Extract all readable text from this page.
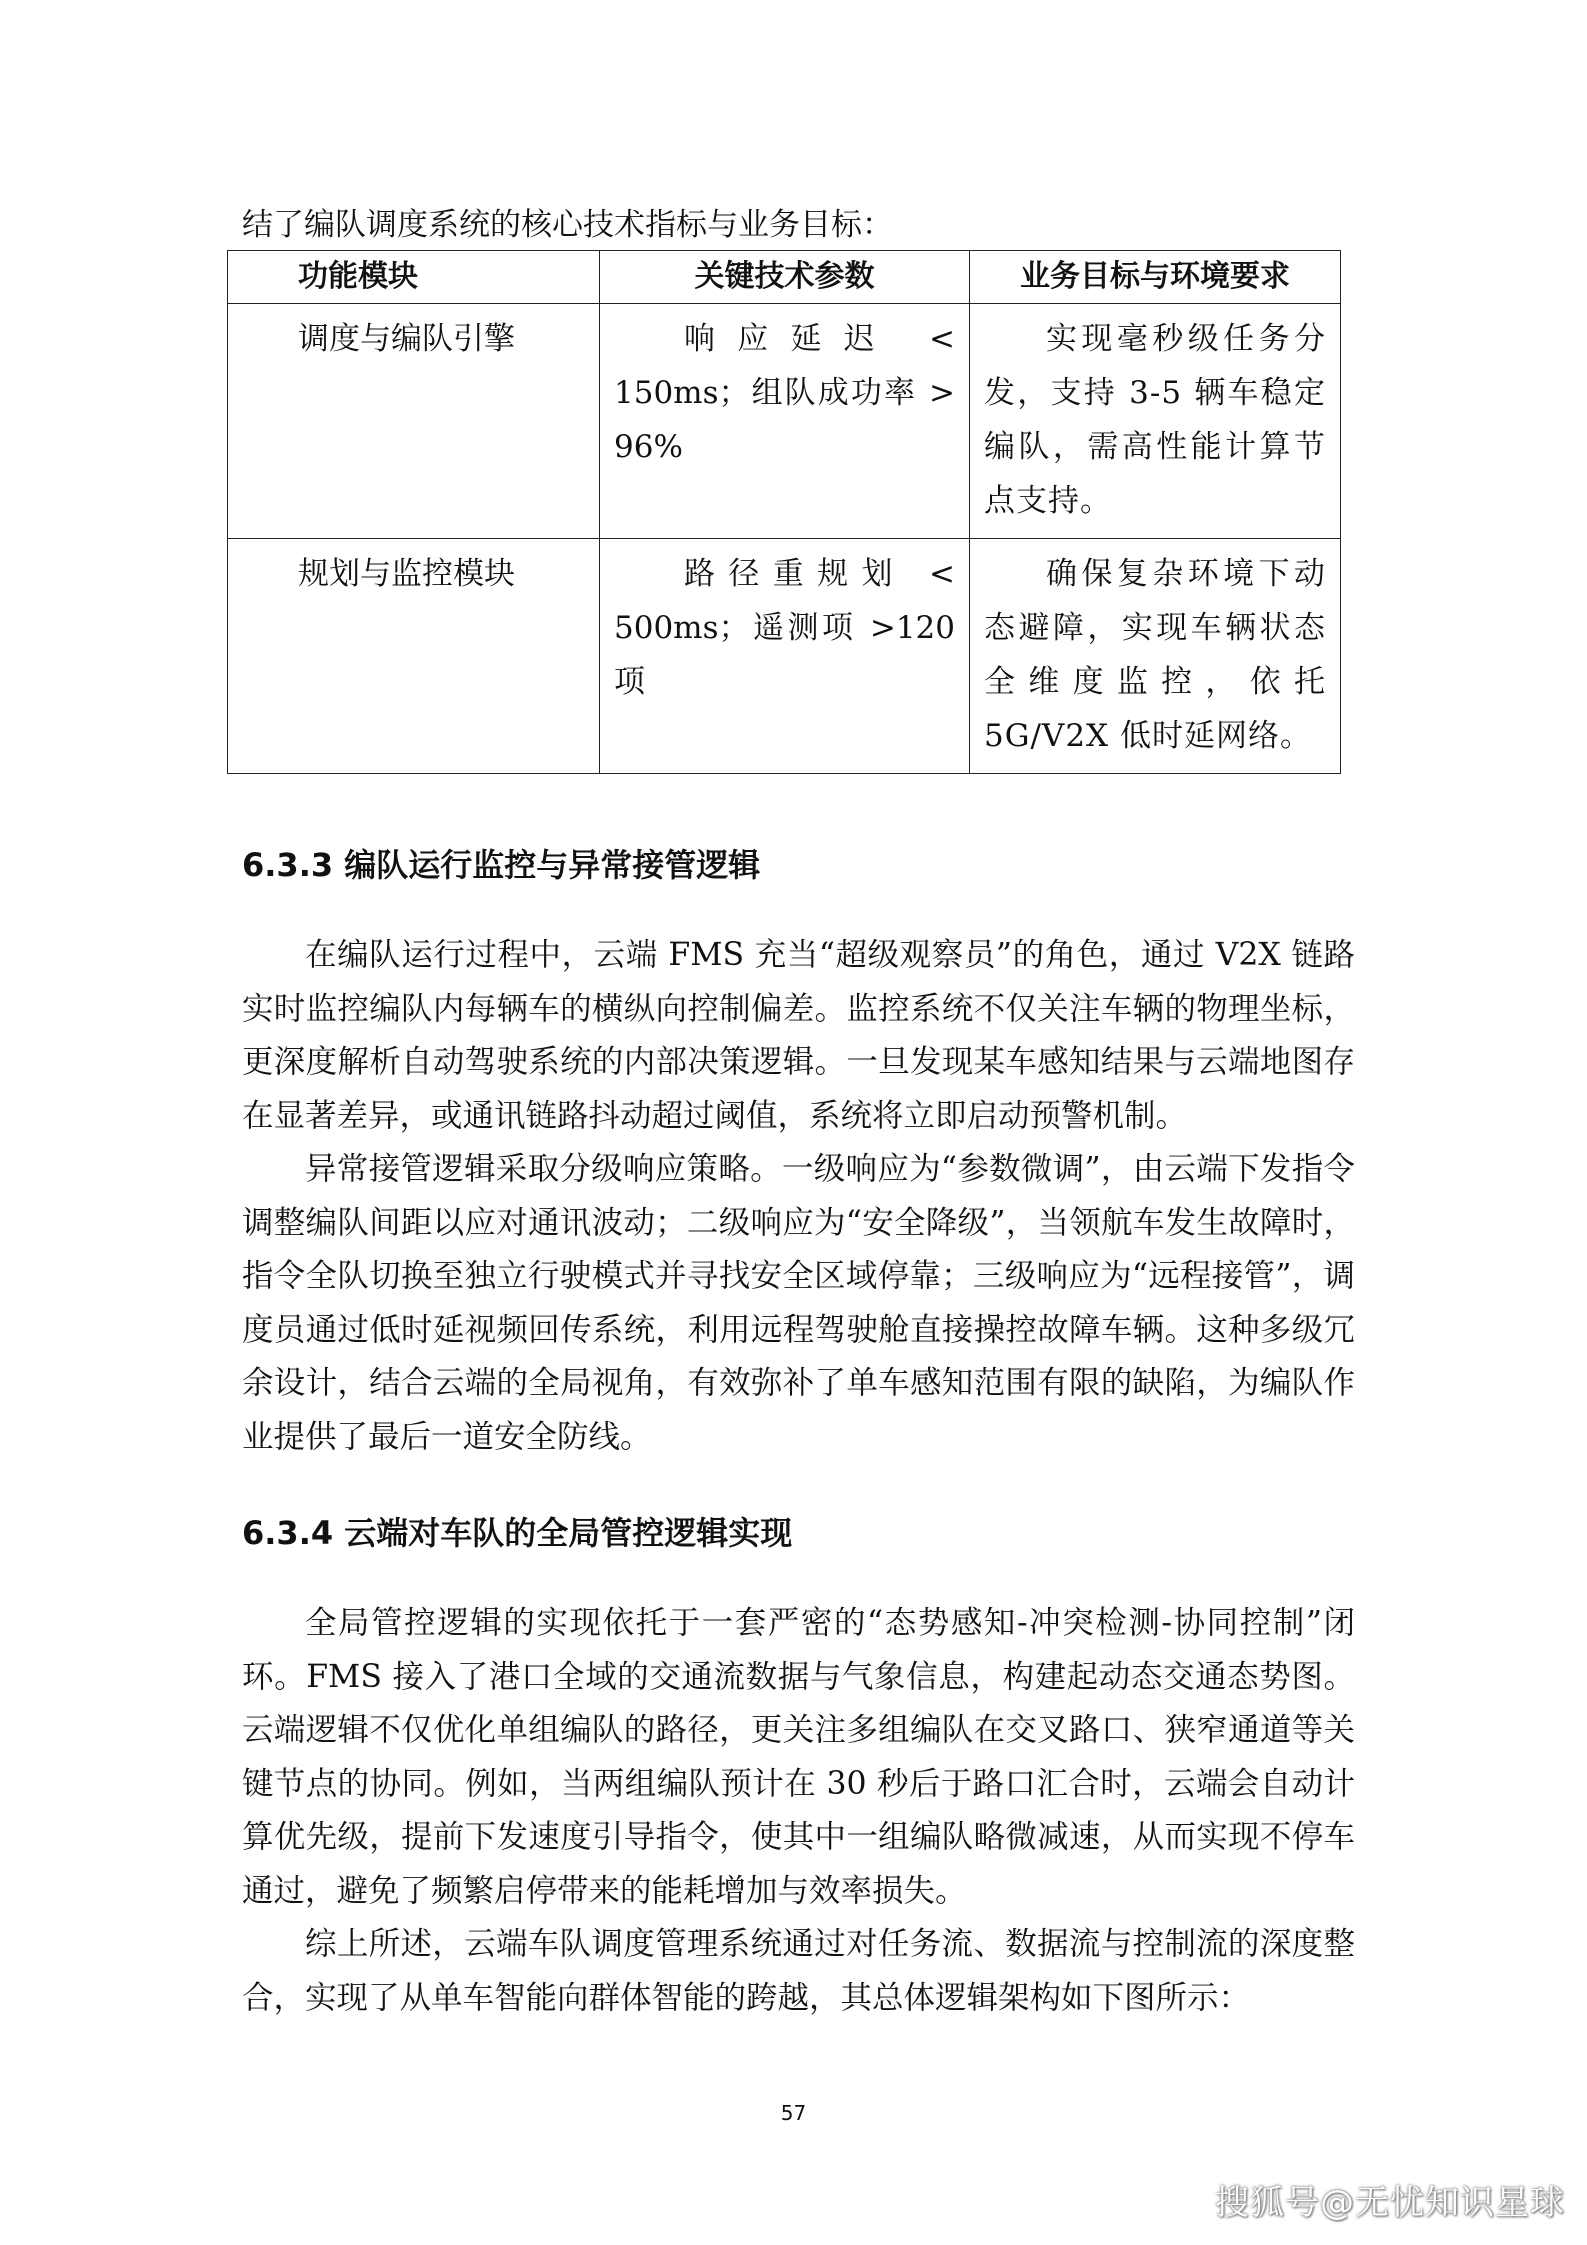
结了编队调度系统的核心技术指标与业务目标：
功能模块	关键技术参数	业务目标与环境要求
调度与编队引擎	响应延迟 < 150ms；组队成功率 > 96%	实现毫秒级任务分发，支持 3-5 辆车稳定编队，需高性能计算节点支持。
规划与监控模块	路径重规划 < 500ms；遥测项 >120 项	确保复杂环境下动态避障，实现车辆状态全维度监控，依托 5G/V2X 低时延网络。
6.3.3 编队运行监控与异常接管逻辑

在编队运行过程中，云端 FMS 充当“超级观察员”的角色，通过 V2X 链路实时监控编队内每辆车的横纵向控制偏差。监控系统不仅关注车辆的物理坐标，更深度解析自动驾驶系统的内部决策逻辑。一旦发现某车感知结果与云端地图存在显著差异，或通讯链路抖动超过阈值，系统将立即启动预警机制。

异常接管逻辑采取分级响应策略。一级响应为“参数微调”，由云端下发指令调整编队间距以应对通讯波动；二级响应为“安全降级”，当领航车发生故障时，指令全队切换至独立行驶模式并寻找安全区域停靠；三级响应为“远程接管”，调度员通过低时延视频回传系统，利用远程驾驶舱直接操控故障车辆。这种多级冗余设计，结合云端的全局视角，有效弥补了单车感知范围有限的缺陷，为编队作业提供了最后一道安全防线。

6.3.4 云端对车队的全局管控逻辑实现

全局管控逻辑的实现依托于一套严密的“态势感知-冲突检测-协同控制”闭环。FMS 接入了港口全域的交通流数据与气象信息，构建起动态交通态势图。云端逻辑不仅优化单组编队的路径，更关注多组编队在交叉路口、狭窄通道等关键节点的协同。例如，当两组编队预计在 30 秒后于路口汇合时，云端会自动计算优先级，提前下发速度引导指令，使其中一组编队略微减速，从而实现不停车通过，避免了频繁启停带来的能耗增加与效率损失。

综上所述，云端车队调度管理系统通过对任务流、数据流与控制流的深度整合，实现了从单车智能向群体智能的跨越，其总体逻辑架构如下图所示：

57
搜狐号@无忧知识星球
